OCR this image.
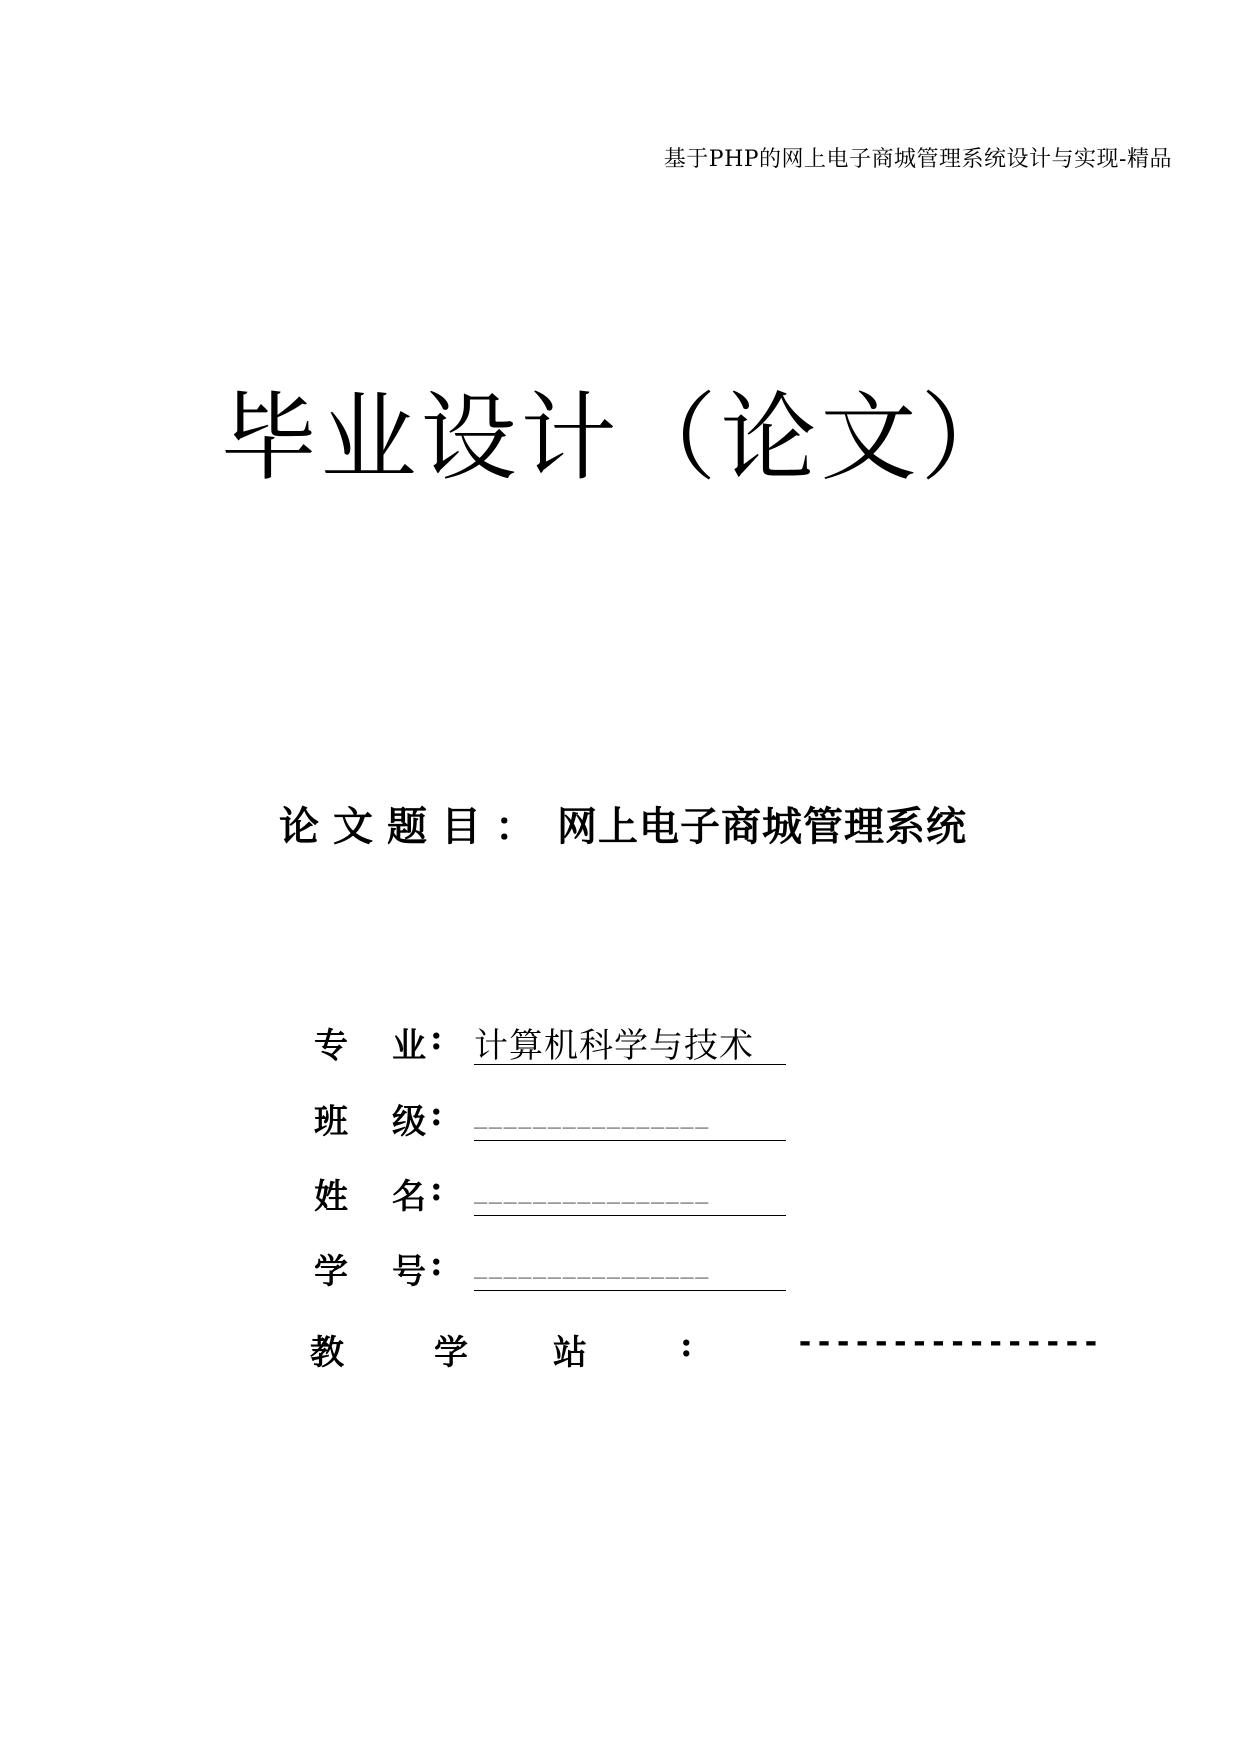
基于PHP的网上电子商城管理系统设计与实现-精品
毕业设计（论文）
论文题目： 网上电子商城管理系统
专 业 : 计算机科学与技术
班 级 : ________________
姓 名 : ________________
学 号 : ________________
教	学	站	:	----------------
